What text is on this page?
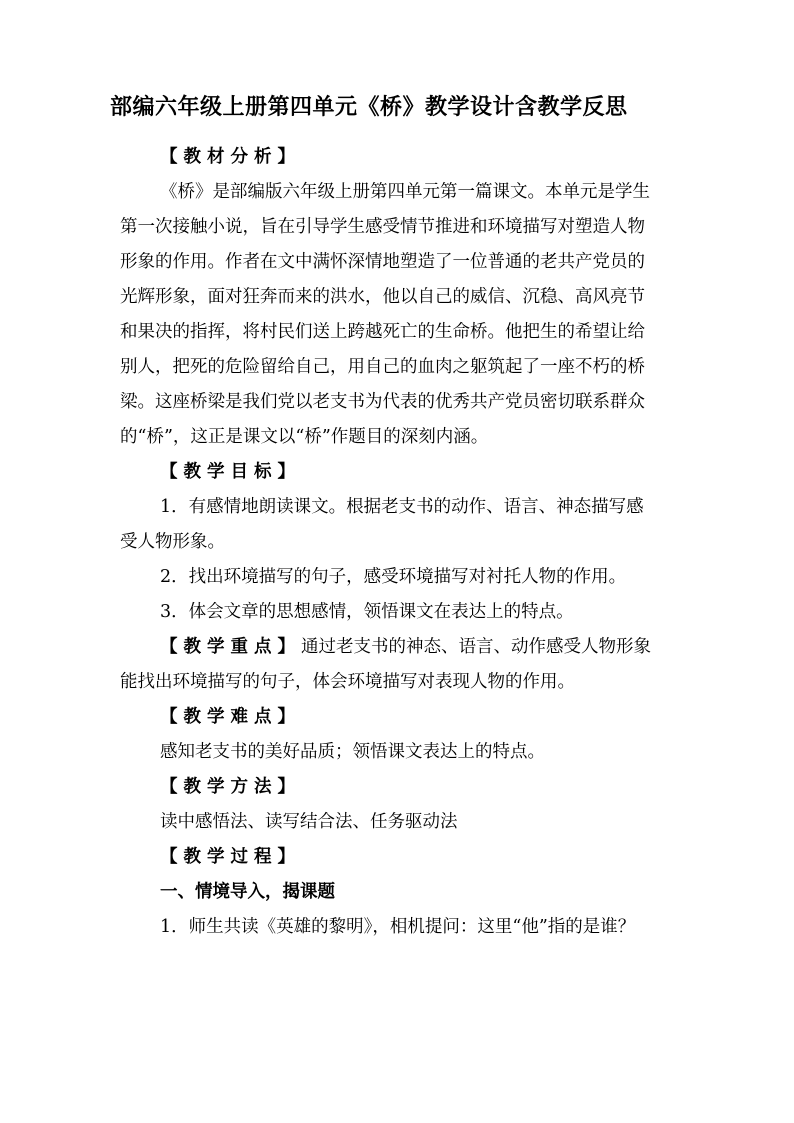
部编六年级上册第四单元《桥》教学设计含教学反思
【教材分析】
《桥》是部编版六年级上册第四单元第一篇课文。本单元是学生
第一次接触小说，旨在引导学生感受情节推进和环境描写对塑造人物
形象的作用。作者在文中满怀深情地塑造了一位普通的老共产党员的
光辉形象，面对狂奔而来的洪水，他以自己的威信、沉稳、高风亮节
和果决的指挥，将村民们送上跨越死亡的生命桥。他把生的希望让给
别人，把死的危险留给自己，用自己的血肉之躯筑起了一座不朽的桥
梁。这座桥梁是我们党以老支书为代表的优秀共产党员密切联系群众
的“桥”，这正是课文以“桥”作题目的深刻内涵。
【教学目标】
1．有感情地朗读课文。根据老支书的动作、语言、神态描写感
受人物形象。
2．找出环境描写的句子，感受环境描写对衬托人物的作用。
3．体会文章的思想感情，领悟课文在表达上的特点。
【教学重点】通过老支书的神态、语言、动作感受人物形象
能找出环境描写的句子，体会环境描写对表现人物的作用。
【教学难点】
感知老支书的美好品质；领悟课文表达上的特点。
【教学方法】
读中感悟法、读写结合法、任务驱动法
【教学过程】
一、情境导入，揭课题
1．师生共读《英雄的黎明》，相机提问：这里“他”指的是谁？
